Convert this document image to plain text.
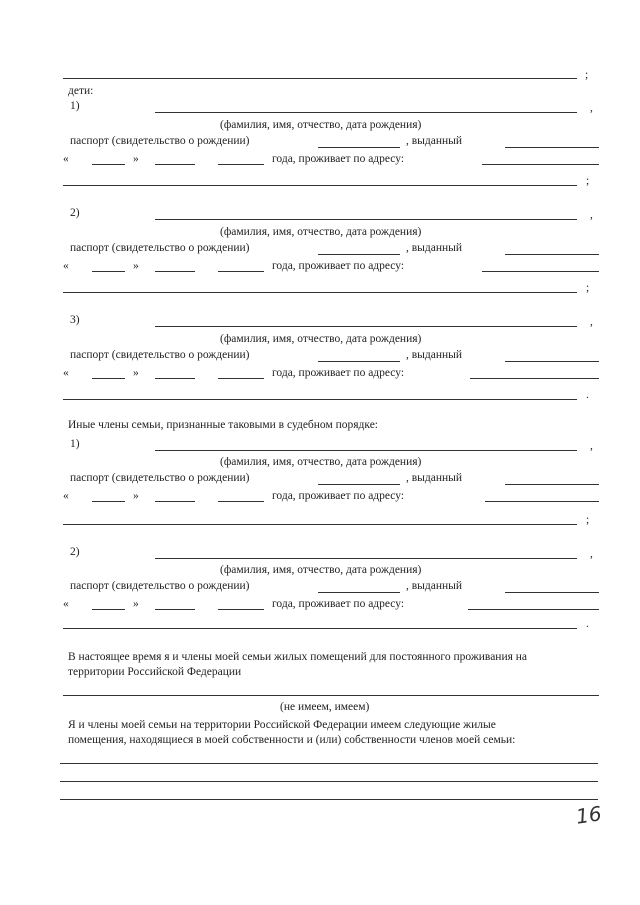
;
дети:
1)	,
(фамилия, имя, отчество, дата рождения)
паспорт (свидетельство о рождении)	, выданный
«	»	года, проживает по адресу:
;
2)	,
(фамилия, имя, отчество, дата рождения)
паспорт (свидетельство о рождении)	, выданный
«	»	года, проживает по адресу:
;
3)	,
(фамилия, имя, отчество, дата рождения)
паспорт (свидетельство о рождении)	, выданный
«	»	года, проживает по адресу:
.
Иные члены семьи, признанные таковыми в судебном порядке:
1)	,
(фамилия, имя, отчество, дата рождения)
паспорт (свидетельство о рождении)	, выданный
«	»	года, проживает по адресу:
;
2)	,
(фамилия, имя, отчество, дата рождения)
паспорт (свидетельство о рождении)	, выданный
«	»	года, проживает по адресу:
.
В настоящее время я и члены моей семьи жилых помещений для постоянного проживания на
территории Российской Федерации
(не имеем, имеем)
Я и члены моей семьи на территории Российской Федерации имеем следующие жилые
помещения, находящиеся в моей собственности и (или) собственности членов моей семьи:
16
